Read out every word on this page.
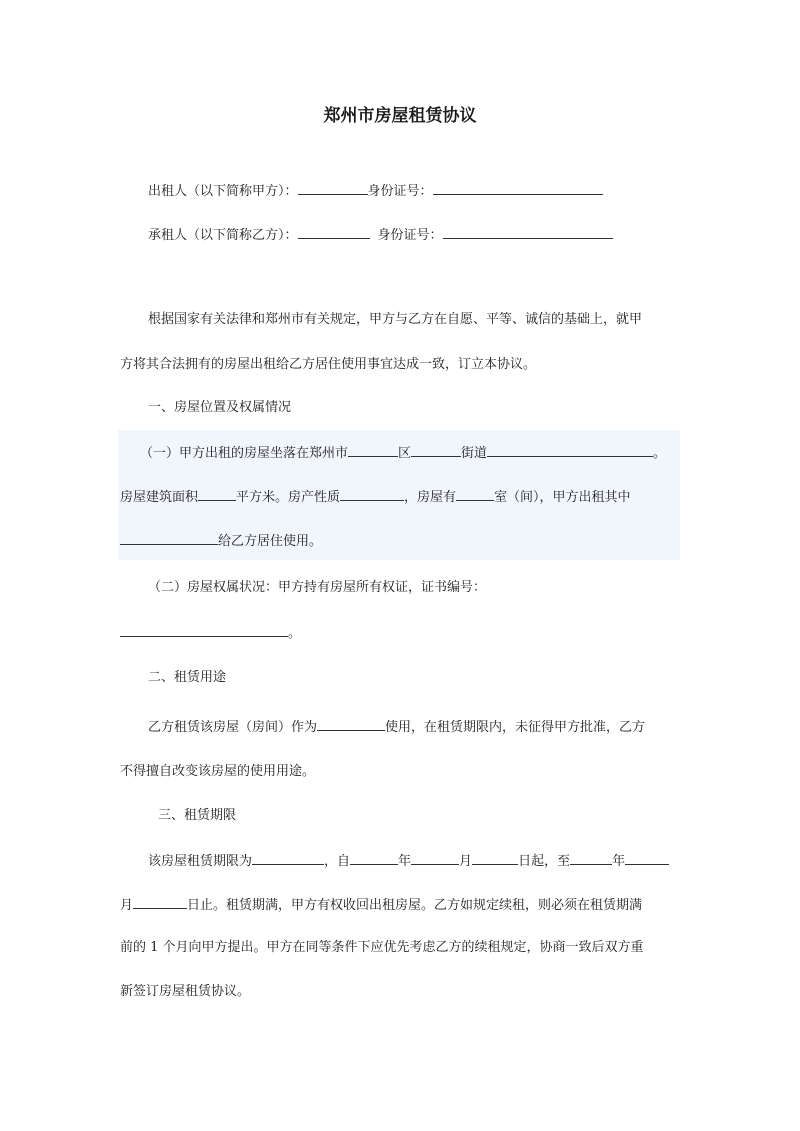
郑州市房屋租赁协议
出租人（以下简称甲方）：	身份证号：
承租人（以下简称乙方）：	身份证号：
根据国家有关法律和郑州市有关规定，甲方与乙方在自愿、平等、诚信的基础上，就甲
方将其合法拥有的房屋出租给乙方居住使用事宜达成一致，订立本协议。
一、房屋位置及权属情况
（一）甲方出租的房屋坐落在郑州市	区	街道	。
房屋建筑面积	平方米。房产性质	，房屋有	室（间），甲方出租其中
给乙方居住使用。
（二）房屋权属状况：甲方持有房屋所有权证，证书编号：
。
二、租赁用途
乙方租赁该房屋（房间）作为	使用，在租赁期限内，未征得甲方批准，乙方
不得擅自改变该房屋的使用用途。
三、租赁期限
该房屋租赁期限为	，自	年	月	日起，至	年
月	日止。租赁期满，甲方有权收回出租房屋。乙方如规定续租，则必须在租赁期满
前的 1 个月向甲方提出。甲方在同等条件下应优先考虑乙方的续租规定，协商一致后双方重
新签订房屋租赁协议。
